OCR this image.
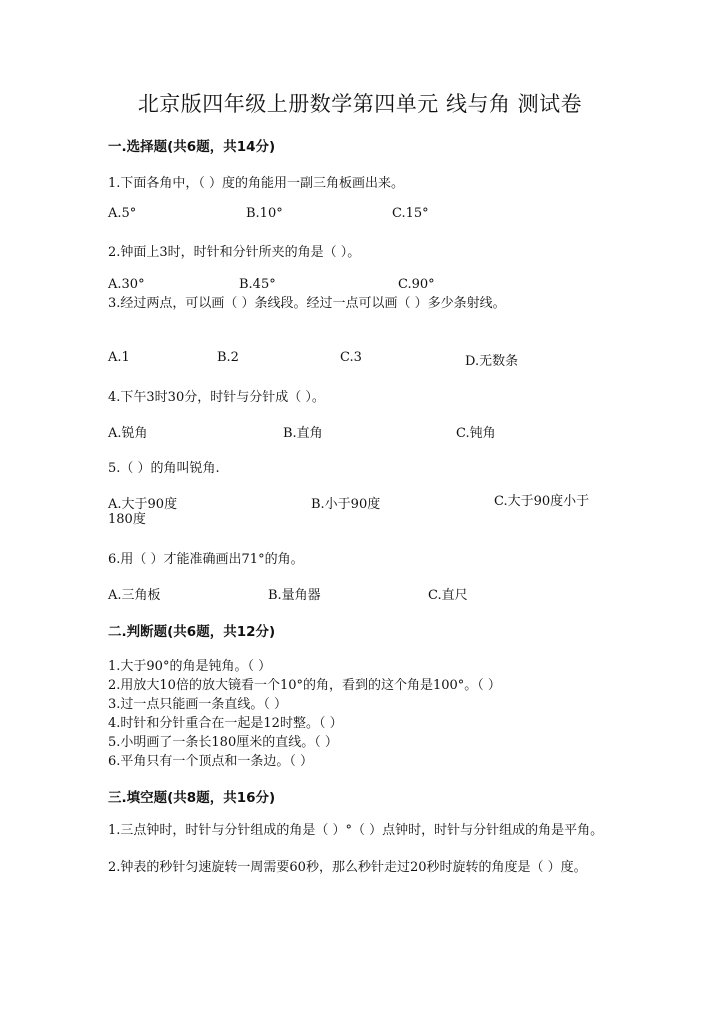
北京版四年级上册数学第四单元 线与角 测试卷
一.选择题(共6题，共14分)
1.下面各角中，（ ）度的角能用一副三角板画出来。
A.5°	B.10°	C.15°
2.钟面上3时，时针和分针所夹的角是（ ）。
A.30°	B.45°	C.90°
3.经过两点，可以画（ ）条线段。经过一点可以画（ ）多少条射线。
A.1	B.2	C.3	D.无数条
4.下午3时30分，时针与分针成（ ）。
A.锐角	B.直角	C.钝角
5.（ ）的角叫锐角.
A.大于90度	B.小于90度	C.大于90度小于180度
6.用（ ）才能准确画出71°的角。
A.三角板	B.量角器	C.直尺
二.判断题(共6题，共12分)
1.大于90°的角是钝角。（ ）
2.用放大10倍的放大镜看一个10°的角，看到的这个角是100°。（ ）
3.过一点只能画一条直线。（ ）
4.时针和分针重合在一起是12时整。（ ）
5.小明画了一条长180厘米的直线。（ ）
6.平角只有一个顶点和一条边。（ ）
三.填空题(共8题，共16分)
1.三点钟时，时针与分针组成的角是（ ）°（ ）点钟时，时针与分针组成的角是平角。
2.钟表的秒针匀速旋转一周需要60秒，那么秒针走过20秒时旋转的角度是（ ）度。
